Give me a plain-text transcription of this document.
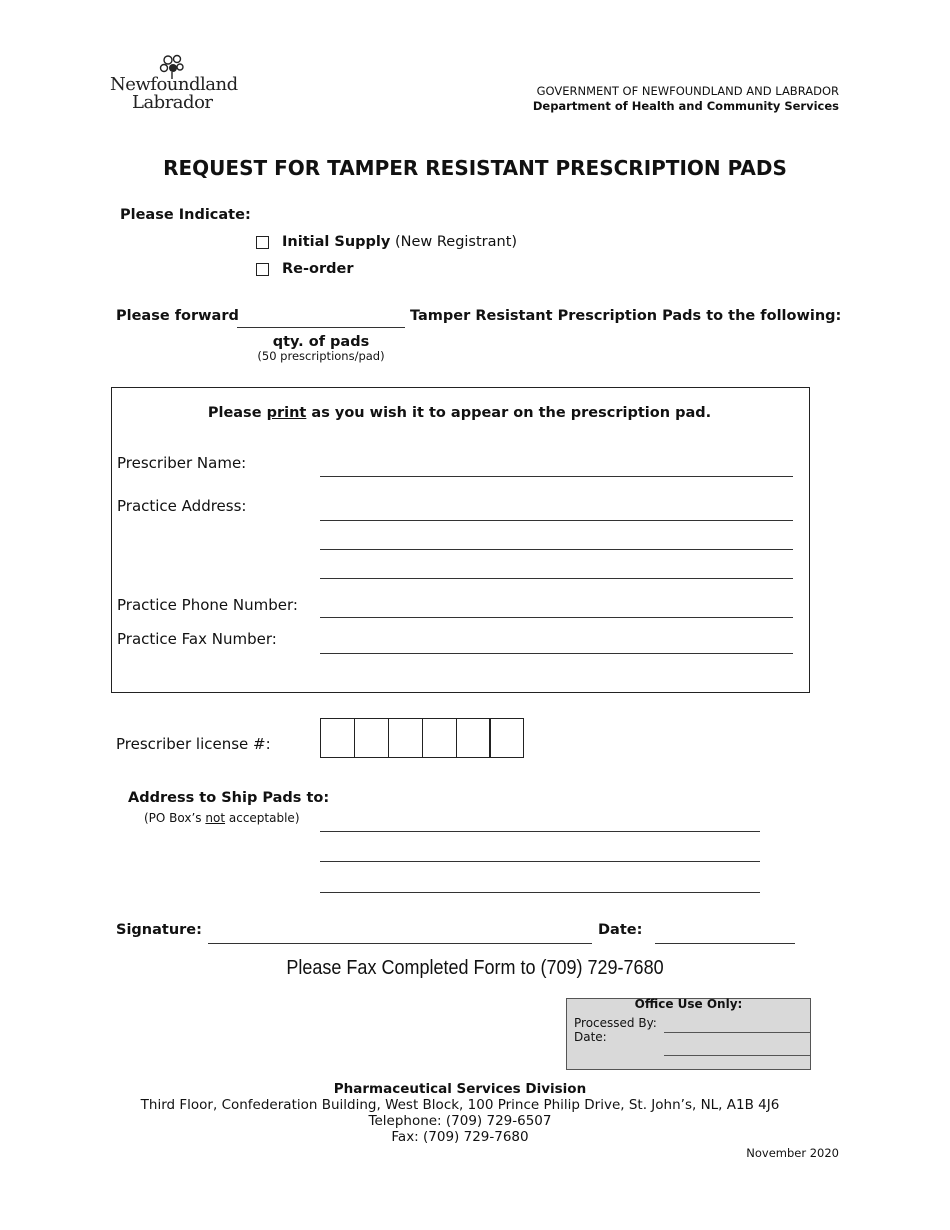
Newfoundland
Labrador
GOVERNMENT OF NEWFOUNDLAND AND LABRADOR
Department of Health and Community Services
REQUEST FOR TAMPER RESISTANT PRESCRIPTION PADS
Please Indicate:
Initial Supply (New Registrant)
Re-order
Please forward	Tamper Resistant Prescription Pads to the following:
qty. of pads
(50 prescriptions/pad)
Please print as you wish it to appear on the prescription pad.
Prescriber Name:
Practice Address:
Practice Phone Number:
Practice Fax Number:
Prescriber license #:
Address to Ship Pads to:
(PO Box’s not acceptable)
Signature:	Date:
Please Fax Completed Form to (709) 729-7680
Office Use Only:
Processed By:
Date:
Pharmaceutical Services Division
Third Floor, Confederation Building, West Block, 100 Prince Philip Drive, St. John’s, NL, A1B 4J6
Telephone: (709) 729-6507
Fax: (709) 729-7680
November 2020
